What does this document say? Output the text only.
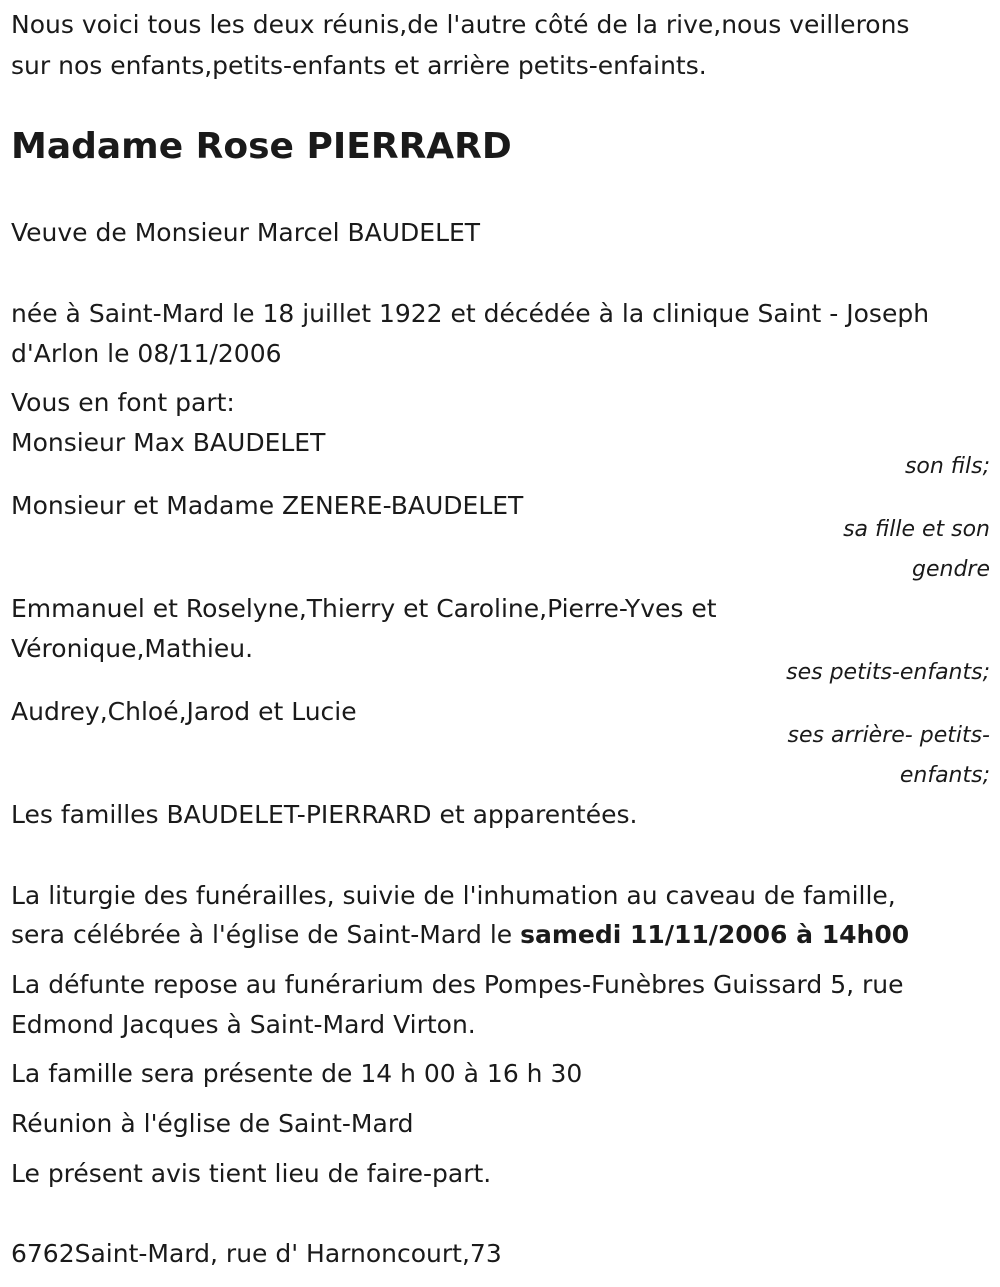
Nous voici tous les deux réunis,de l'autre côté de la rive,nous veillerons
sur nos enfants,petits-enfants et arrière petits-enfaints.
Madame Rose PIERRARD
Veuve de Monsieur Marcel BAUDELET
née à Saint-Mard le 18 juillet 1922 et décédée à la clinique Saint - Joseph
d'Arlon le 08/11/2006
Vous en font part:
Monsieur Max BAUDELET
son fils;
Monsieur et Madame ZENERE-BAUDELET
sa fille et son
gendre
Emmanuel et Roselyne,Thierry et Caroline,Pierre-Yves et
Véronique,Mathieu.
ses petits-enfants;
Audrey,Chloé,Jarod et Lucie
ses arrière- petits-
enfants;
Les familles BAUDELET-PIERRARD et apparentées.
La liturgie des funérailles, suivie de l'inhumation au caveau de famille,
sera célébrée à l'église de Saint-Mard le samedi 11/11/2006 à 14h00
La défunte repose au funérarium des Pompes-Funèbres Guissard 5, rue
Edmond Jacques à Saint-Mard Virton.
La famille sera présente de 14 h 00 à 16 h 30
Réunion à l'église de Saint-Mard
Le présent avis tient lieu de faire-part.
6762Saint-Mard, rue d' Harnoncourt,73
